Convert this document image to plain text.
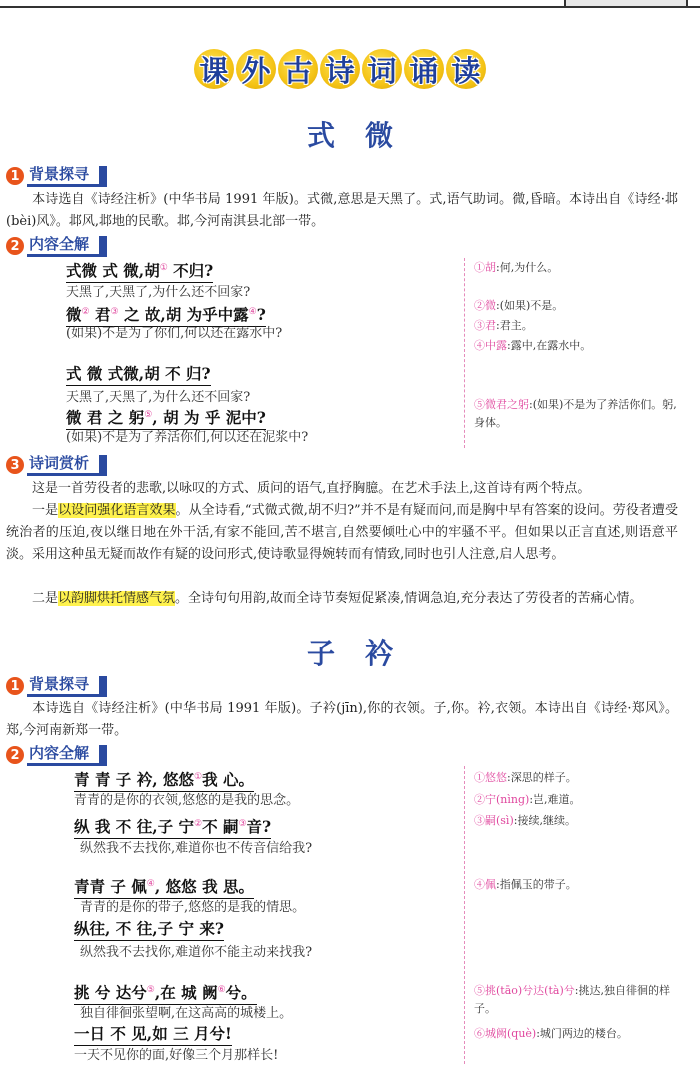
课 外 古 诗 词 诵 读
式微
1 背景探寻
本诗选自《诗经注析》(中华书局 1991 年版)。式微,意思是天黑了。式,语气助词。微,昏暗。本诗出自《诗经·邶(bèi)风》。邶风,邶地的民歌。邶,今河南淇县北部一带。
2 内容全解
式微 式 微,胡① 不归?
天黑了,天黑了,为什么还不回家?
微② 君③ 之 故,胡 为乎中露④?
(如果)不是为了你们,何以还在露水中?
式 微 式微,胡 不 归?
天黑了,天黑了,为什么还不回家?
微 君 之 躬⑤, 胡 为 乎 泥中?
(如果)不是为了养活你们,何以还在泥浆中?
①胡:何,为什么。
②微:(如果)不是。
③君:君主。
④中露:露中,在露水中。
⑤微君之躬:(如果)不是为了养活你们。躬,身体。
3 诗词赏析
这是一首劳役者的悲歌,以咏叹的方式、质问的语气,直抒胸臆。在艺术手法上,这首诗有两个特点。
一是以设问强化语言效果。从全诗看,“式微式微,胡不归?”并不是有疑而问,而是胸中早有答案的设问。劳役者遭受统治者的压迫,夜以继日地在外干活,有家不能回,苦不堪言,自然要倾吐心中的牢骚不平。但如果以正言直述,则语意平淡。采用这种虽无疑而故作有疑的设问形式,使诗歌显得婉转而有情致,同时也引人注意,启人思考。
二是以韵脚烘托情感气氛。全诗句句用韵,故而全诗节奏短促紧凑,情调急迫,充分表达了劳役者的苦痛心情。
子衿
1 背景探寻
本诗选自《诗经注析》(中华书局 1991 年版)。子衿(jīn),你的衣领。子,你。衿,衣领。本诗出自《诗经·郑风》。郑,今河南新郑一带。
2 内容全解
青 青 子 衿, 悠悠①我 心。
青青的是你的衣领,悠悠的是我的思念。
纵 我 不 往,子 宁②不 嗣③音?
纵然我不去找你,难道你也不传音信给我?
青青 子 佩④, 悠悠 我 思。
青青的是你的带子,悠悠的是我的情思。
纵往, 不 往,子 宁 来?
纵然我不去找你,难道你不能主动来找我?
挑 兮 达兮⑤,在 城 阙⑥兮。
独自徘徊张望啊,在这高高的城楼上。
一日 不 见,如 三 月兮!
一天不见你的面,好像三个月那样长!
①悠悠:深思的样子。
②宁(nìng):岂,难道。
③嗣(sì):接续,继续。
④佩:指佩玉的带子。
⑤挑(tāo)兮达(tà)兮:挑达,独自徘徊的样子。
⑥城阙(què):城门两边的楼台。
